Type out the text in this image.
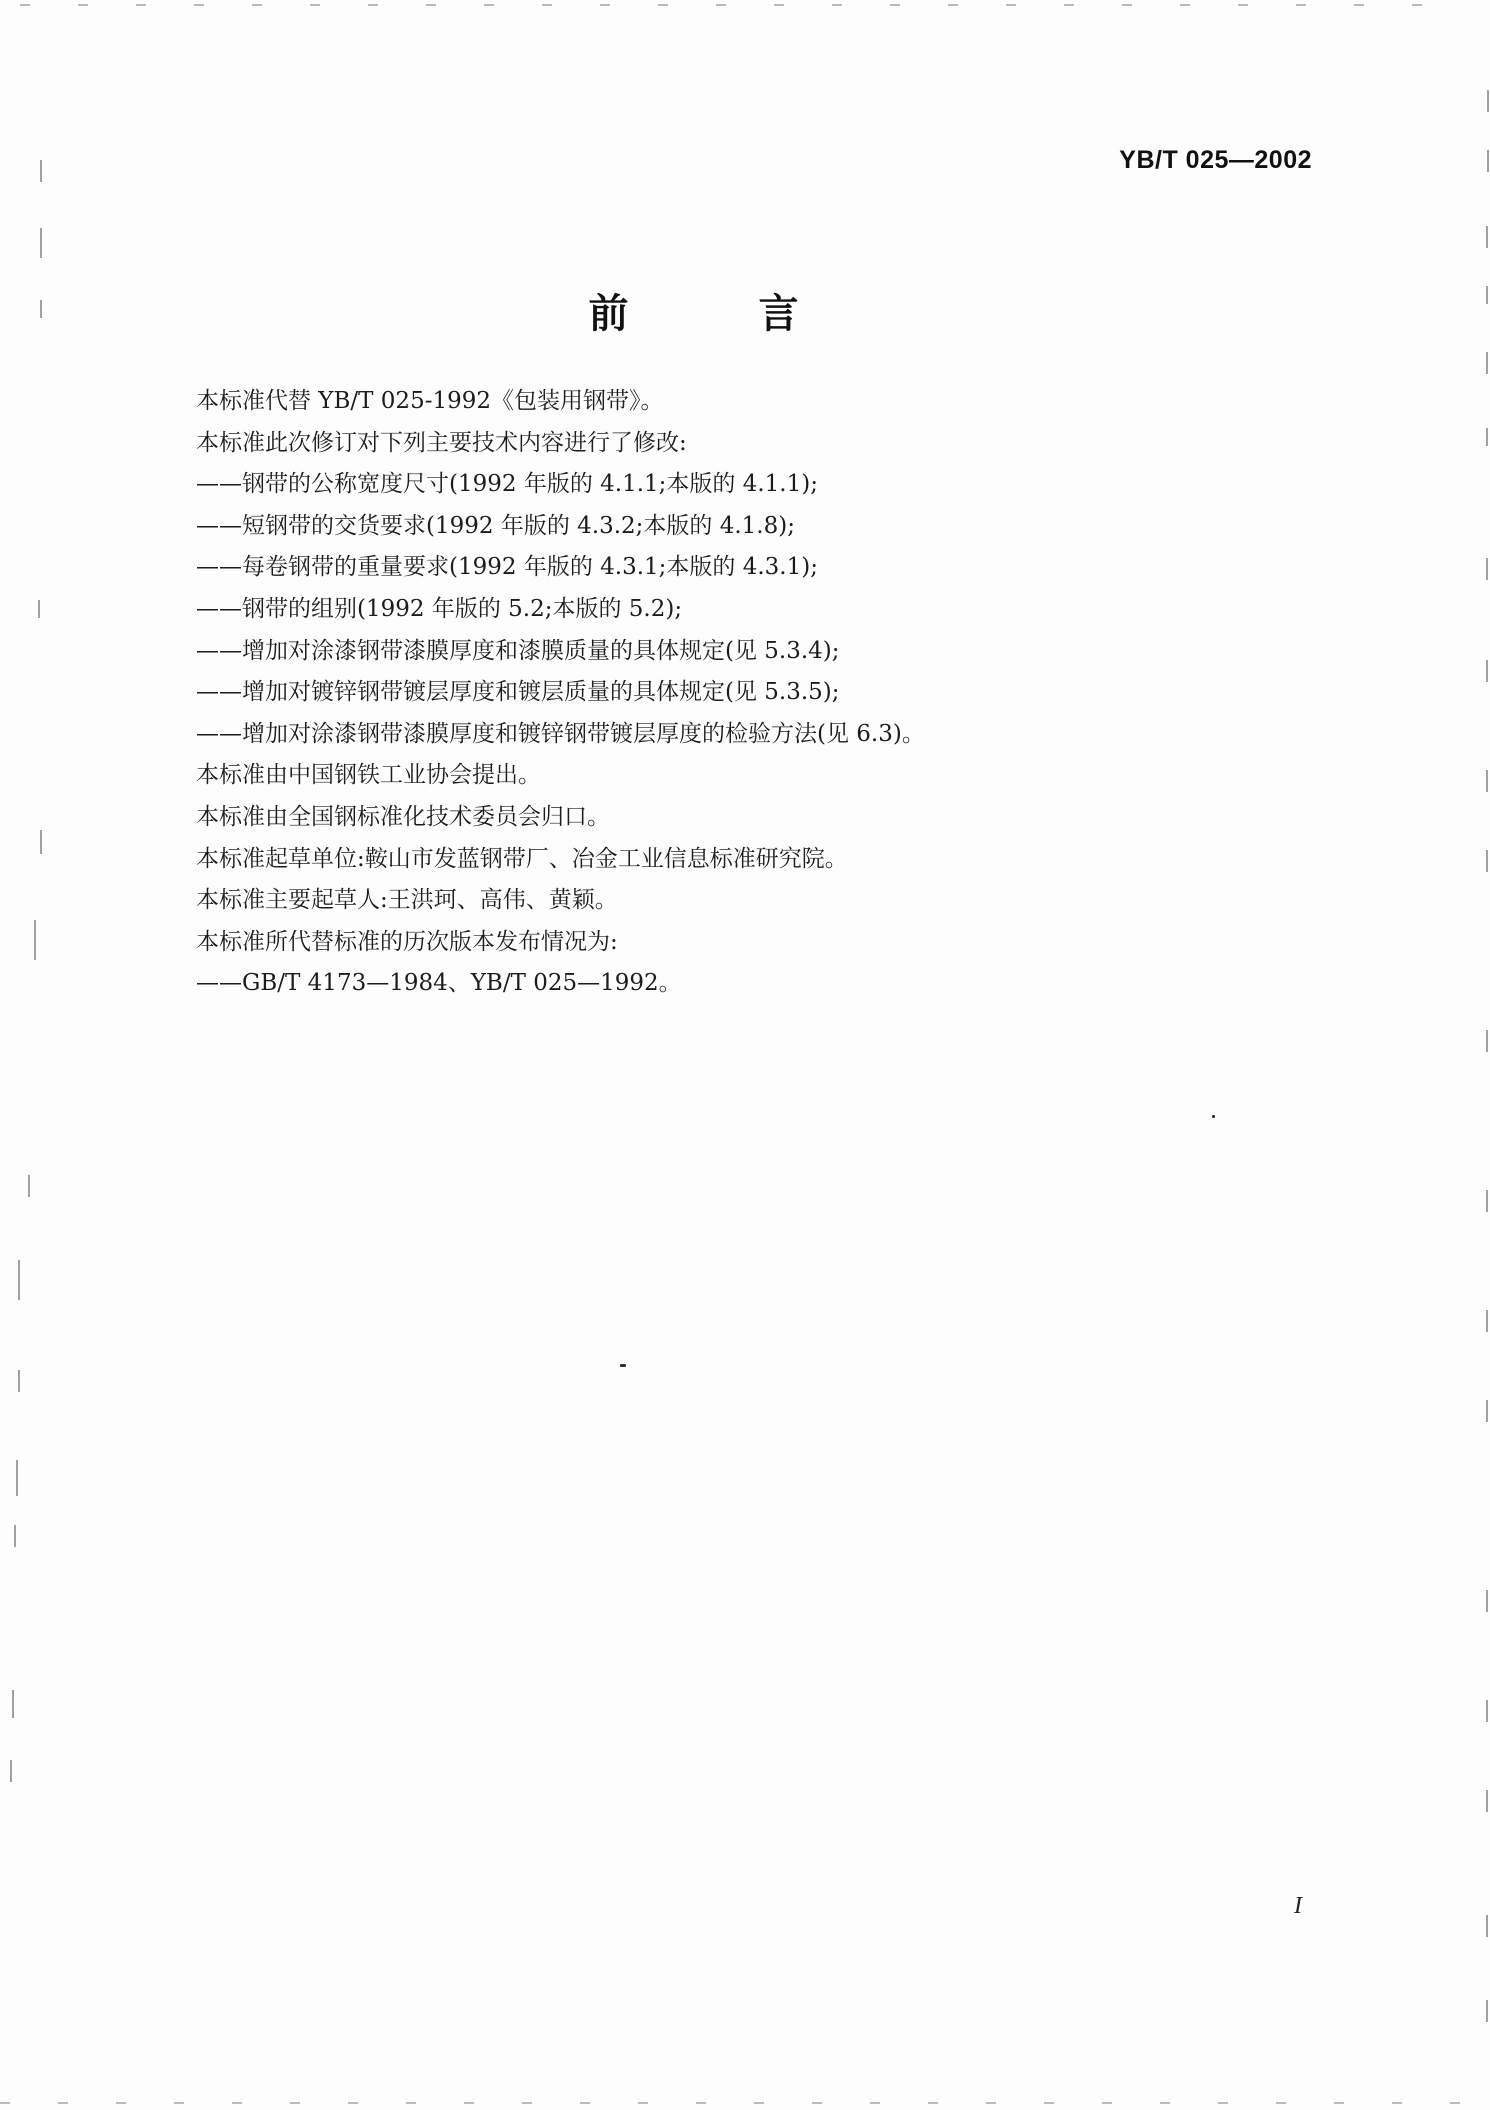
YB/T 025—2002
前 言
本标准代替 YB/T 025-1992《包装用钢带》。
本标准此次修订对下列主要技术内容进行了修改:
——钢带的公称宽度尺寸(1992 年版的 4.1.1;本版的 4.1.1);
——短钢带的交货要求(1992 年版的 4.3.2;本版的 4.1.8);
——每卷钢带的重量要求(1992 年版的 4.3.1;本版的 4.3.1);
——钢带的组别(1992 年版的 5.2;本版的 5.2);
——增加对涂漆钢带漆膜厚度和漆膜质量的具体规定(见 5.3.4);
——增加对镀锌钢带镀层厚度和镀层质量的具体规定(见 5.3.5);
——增加对涂漆钢带漆膜厚度和镀锌钢带镀层厚度的检验方法(见 6.3)。
本标准由中国钢铁工业协会提出。
本标准由全国钢标准化技术委员会归口。
本标准起草单位:鞍山市发蓝钢带厂、冶金工业信息标准研究院。
本标准主要起草人:王洪珂、高伟、黄颖。
本标准所代替标准的历次版本发布情况为:
——GB/T 4173—1984、YB/T 025—1992。
I
